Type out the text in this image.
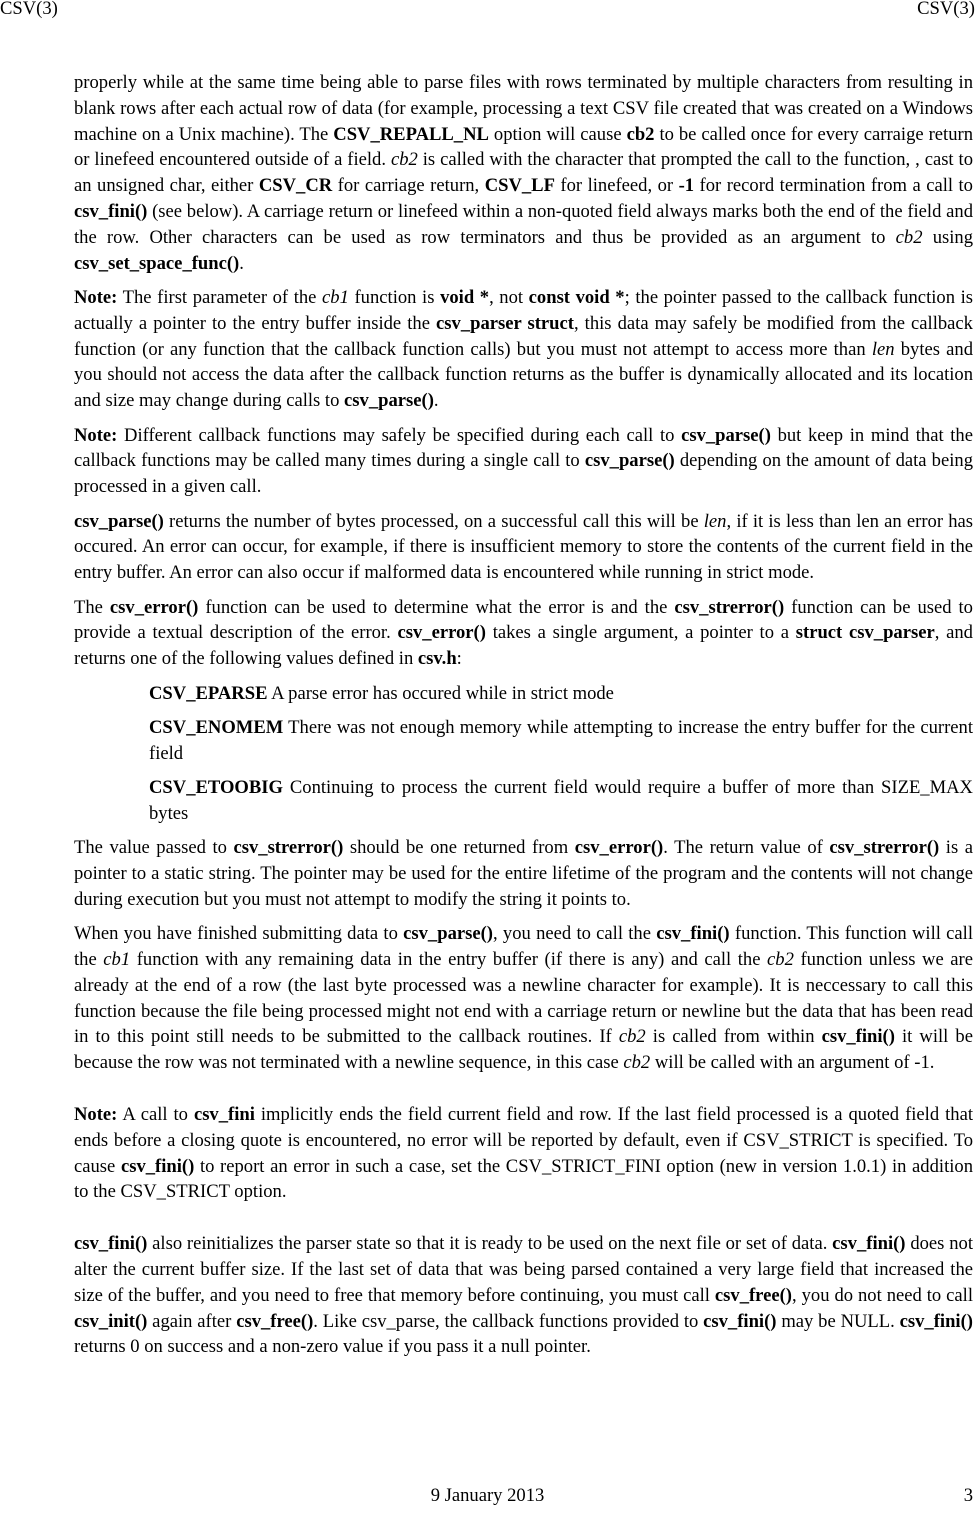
CSV(3)	CSV(3)

properly while at the same time being able to parse files with rows terminated by multiple characters from resulting in blank rows after each actual row of data (for example, processing a text CSV file created that was created on a Windows machine on a Unix machine). The CSV_REPALL_NL option will cause cb2 to be called once for every carraige return or linefeed encountered outside of a field. cb2 is called with the character that prompted the call to the function, , cast to an unsigned char, either CSV_CR for carriage return, CSV_LF for linefeed, or -1 for record termination from a call to csv_fini() (see below). A carriage return or linefeed within a non-quoted field always marks both the end of the field and the row. Other characters can be used as row terminators and thus be provided as an argument to cb2 using csv_set_space_func().

Note: The first parameter of the cb1 function is void *, not const void *; the pointer passed to the callback function is actually a pointer to the entry buffer inside the csv_parser struct, this data may safely be modified from the callback function (or any function that the callback function calls) but you must not attempt to access more than len bytes and you should not access the data after the callback function returns as the buffer is dynamically allocated and its location and size may change during calls to csv_parse().

Note: Different callback functions may safely be specified during each call to csv_parse() but keep in mind that the callback functions may be called many times during a single call to csv_parse() depending on the amount of data being processed in a given call.

csv_parse() returns the number of bytes processed, on a successful call this will be len, if it is less than len an error has occured. An error can occur, for example, if there is insufficient memory to store the contents of the current field in the entry buffer. An error can also occur if malformed data is encountered while running in strict mode.

The csv_error() function can be used to determine what the error is and the csv_strerror() function can be used to provide a textual description of the error. csv_error() takes a single argument, a pointer to a struct csv_parser, and returns one of the following values defined in csv.h:

CSV_EPARSE A parse error has occured while in strict mode

CSV_ENOMEM There was not enough memory while attempting to increase the entry buffer for the current field

CSV_ETOOBIG Continuing to process the current field would require a buffer of more than SIZE_MAX bytes

The value passed to csv_strerror() should be one returned from csv_error(). The return value of csv_strerror() is a pointer to a static string. The pointer may be used for the entire lifetime of the program and the contents will not change during execution but you must not attempt to modify the string it points to.

When you have finished submitting data to csv_parse(), you need to call the csv_fini() function. This function will call the cb1 function with any remaining data in the entry buffer (if there is any) and call the cb2 function unless we are already at the end of a row (the last byte processed was a newline character for example). It is neccessary to call this function because the file being processed might not end with a carriage return or newline but the data that has been read in to this point still needs to be submitted to the callback routines. If cb2 is called from within csv_fini() it will be because the row was not terminated with a newline sequence, in this case cb2 will be called with an argument of -1.

Note: A call to csv_fini implicitly ends the field current field and row. If the last field processed is a quoted field that ends before a closing quote is encountered, no error will be reported by default, even if CSV_STRICT is specified. To cause csv_fini() to report an error in such a case, set the CSV_STRICT_FINI option (new in version 1.0.1) in addition to the CSV_STRICT option.

csv_fini() also reinitializes the parser state so that it is ready to be used on the next file or set of data. csv_fini() does not alter the current buffer size. If the last set of data that was being parsed contained a very large field that increased the size of the buffer, and you need to free that memory before continuing, you must call csv_free(), you do not need to call csv_init() again after csv_free(). Like csv_parse, the callback functions provided to csv_fini() may be NULL. csv_fini() returns 0 on success and a non-zero value if you pass it a null pointer.

9 January 2013	3
